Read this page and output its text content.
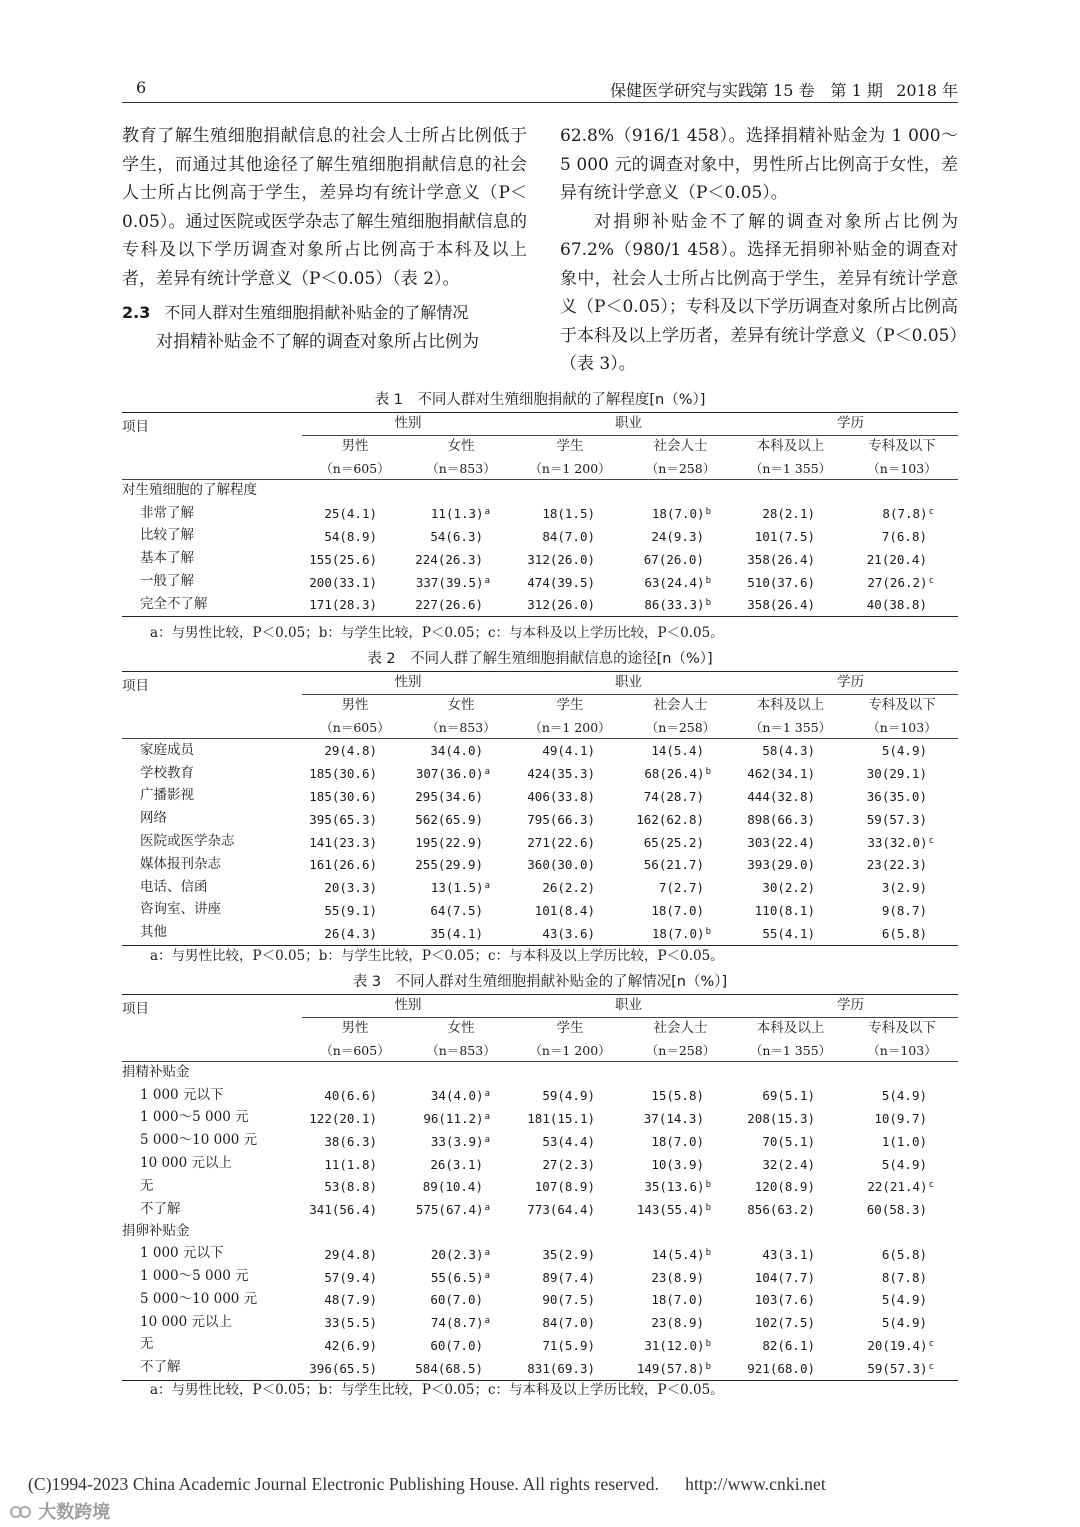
6	保健医学研究与实践
第 15 卷　第 1 期 2018 年

教育了解生殖细胞捐献信息的社会人士所占比例低于学生，而通过其他途径了解生殖细胞捐献信息的社会人士所占比例高于学生，差异均有统计学意义（P＜0.05）。通过医院或医学杂志了解生殖细胞捐献信息的专科及以下学历调查对象所占比例高于本科及以上者，差异有统计学意义（P＜0.05）（表 2）。

2.3 不同人群对生殖细胞捐献补贴金的了解情况

对捐精补贴金不了解的调查对象所占比例为

62.8%（916/1 458）。选择捐精补贴金为 1 000～5 000 元的调查对象中，男性所占比例高于女性，差异有统计学意义（P＜0.05）。

对捐卵补贴金不了解的调查对象所占比例为 67.2%（980/1 458）。选择无捐卵补贴金的调查对象中，社会人士所占比例高于学生，差异有统计学意义（P＜0.05）；专科及以下学历调查对象所占比例高于本科及以上学历者，差异有统计学意义（P＜0.05）（表 3）。

表 1　不同人群对生殖细胞捐献的了解程度[n（%）]

项目	性别		职业		学历	
	男性	女性	学生	社会人士	本科及以上	专科及以下
	（n＝605）	（n＝853）	（n＝1 200）	（n＝258）	（n＝1 355）	（n＝103）
对生殖细胞的了解程度						
非常了解	25(4.1)	$11(1.3)^a$	18(1.5)	$18(7.0)^b$	28(2.1)	$8(7.8)^c$
比较了解	54(8.9)	54(6.3)	84(7.0)	24(9.3)	101(7.5)	7(6.8)
基本了解	155(25.6)	224(26.3)	312(26.0)	67(26.0)	358(26.4)	21(20.4)
一般了解	200(33.1)	$337(39.5)^a$	474(39.5)	$63(24.4)^b$	510(37.6)	$27(26.2)^c$
完全不了解	171(28.3)	227(26.6)	312(26.0)	$86(33.3)^b$	358(26.4)	40(38.8)

a：与男性比较，P＜0.05；b：与学生比较，P＜0.05；c：与本科及以上学历比较，P＜0.05。
表 2　不同人群了解生殖细胞捐献信息的途径[n（%）]

项目	性别		职业		学历	
	男性	女性	学生	社会人士	本科及以上	专科及以下
	（n＝605）	（n＝853）	（n＝1 200）	（n＝258）	（n＝1 355）	（n＝103）
家庭成员	29(4.8)	34(4.0)	49(4.1)	14(5.4)	58(4.3)	5(4.9)
学校教育	185(30.6)	$307(36.0)^a$	424(35.3)	$68(26.4)^b$	462(34.1)	30(29.1)
广播影视	185(30.6)	295(34.6)	406(33.8)	74(28.7)	444(32.8)	36(35.0)
网络	395(65.3)	562(65.9)	795(66.3)	162(62.8)	898(66.3)	59(57.3)
医院或医学杂志	141(23.3)	195(22.9)	271(22.6)	65(25.2)	303(22.4)	$33(32.0)^c$
媒体报刊杂志	161(26.6)	255(29.9)	360(30.0)	56(21.7)	393(29.0)	23(22.3)
电话、信函	20(3.3)	$13(1.5)^a$	26(2.2)	7(2.7)	30(2.2)	3(2.9)
咨询室、讲座	55(9.1)	64(7.5)	101(8.4)	18(7.0)	110(8.1)	9(8.7)
其他	26(4.3)	35(4.1)	43(3.6)	$18(7.0)^b$	55(4.1)	6(5.8)

a：与男性比较，P＜0.05；b：与学生比较，P＜0.05；c：与本科及以上学历比较，P＜0.05。
表 3　不同人群对生殖细胞捐献补贴金的了解情况[n（%）]

项目	性别		职业		学历	
	男性	女性	学生	社会人士	本科及以上	专科及以下
	（n＝605）	（n＝853）	（n＝1 200）	（n＝258）	（n＝1 355）	（n＝103）
捐精补贴金						
1 000 元以下	40(6.6)	$34(4.0)^a$	59(4.9)	15(5.8)	69(5.1)	5(4.9)
1 000～5 000 元	122(20.1)	$96(11.2)^a$	181(15.1)	37(14.3)	208(15.3)	10(9.7)
5 000～10 000 元	38(6.3)	$33(3.9)^a$	53(4.4)	18(7.0)	70(5.1)	1(1.0)
10 000 元以上	11(1.8)	26(3.1)	27(2.3)	10(3.9)	32(2.4)	5(4.9)
无	53(8.8)	89(10.4)	107(8.9)	$35(13.6)^b$	120(8.9)	$22(21.4)^c$
不了解	341(56.4)	$575(67.4)^a$	773(64.4)	$143(55.4)^b$	856(63.2)	60(58.3)
捐卵补贴金						
1 000 元以下	29(4.8)	$20(2.3)^a$	35(2.9)	$14(5.4)^b$	43(3.1)	6(5.8)
1 000～5 000 元	57(9.4)	$55(6.5)^a$	89(7.4)	23(8.9)	104(7.7)	8(7.8)
5 000～10 000 元	48(7.9)	60(7.0)	90(7.5)	18(7.0)	103(7.6)	5(4.9)
10 000 元以上	33(5.5)	$74(8.7)^a$	84(7.0)	23(8.9)	102(7.5)	5(4.9)
无	42(6.9)	60(7.0)	71(5.9)	$31(12.0)^b$	82(6.1)	$20(19.4)^c$
不了解	396(65.5)	584(68.5)	831(69.3)	$149(57.8)^b$	921(68.0)	$59(57.3)^c$

a：与男性比较，P＜0.05；b：与学生比较，P＜0.05；c：与本科及以上学历比较，P＜0.05。
(C)1994-2023 China Academic Journal Electronic Publishing House. All rights reserved. http://www.cnki.net
大数跨境
